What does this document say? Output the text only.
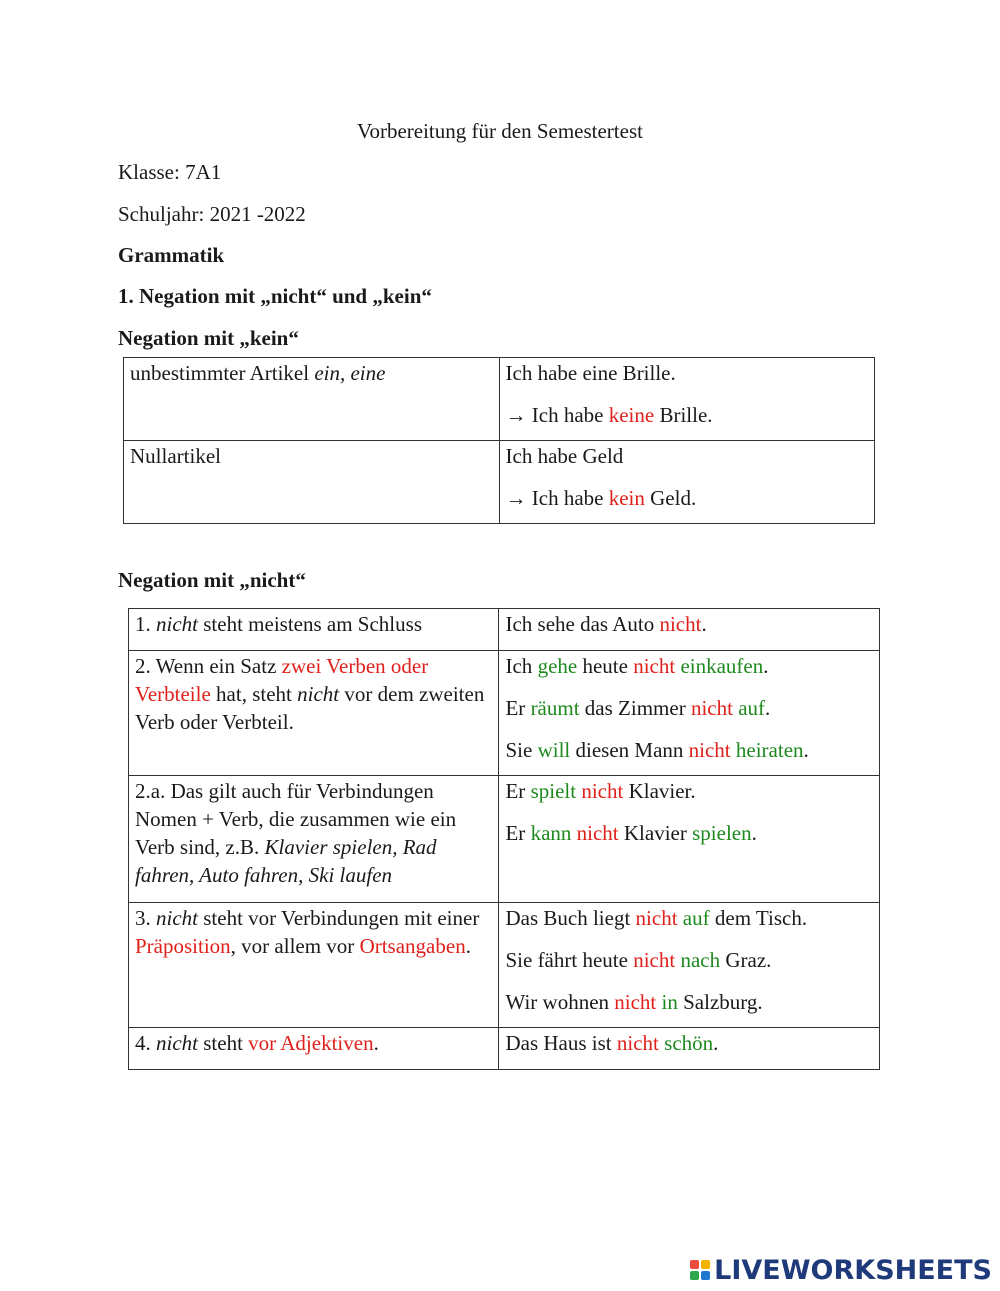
Vorbereitung für den Semestertest
Klasse: 7A1
Schuljahr: 2021 -2022
Grammatik
1. Negation mit „nicht“ und „kein“
Negation mit „kein“
unbestimmter Artikel ein, eine	Ich habe eine Brille.

→ Ich habe keine Brille.

Nullartikel	Ich habe Geld

→ Ich habe kein Geld.

Negation mit „nicht“
1. nicht steht meistens am Schluss	Ich sehe das Auto nicht.

2. Wenn ein Satz zwei Verben oder Verbteile hat, steht nicht vor dem zweiten Verb oder Verbteil.	Ich gehe heute nicht einkaufen.

Er räumt das Zimmer nicht auf.

Sie will diesen Mann nicht heiraten.

2.a. Das gilt auch für Verbindungen Nomen + Verb, die zusammen wie ein Verb sind, z.B. Klavier spielen, Rad fahren, Auto fahren, Ski laufen	Er spielt nicht Klavier.

Er kann nicht Klavier spielen.

3. nicht steht vor Verbindungen mit einer Präposition, vor allem vor Ortsangaben.	Das Buch liegt nicht auf dem Tisch.

Sie fährt heute nicht nach Graz.

Wir wohnen nicht in Salzburg.

4. nicht steht vor Adjektiven.	Das Haus ist nicht schön.

LIVEWORKSHEETS
